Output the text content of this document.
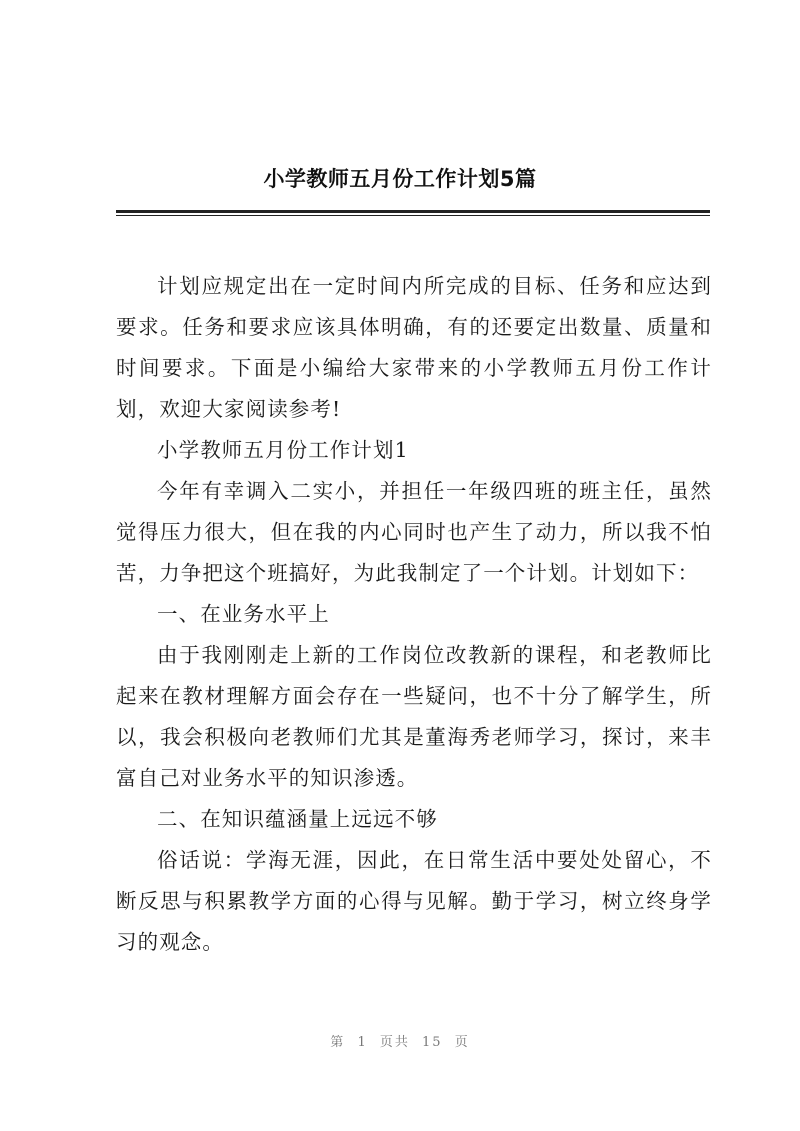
小学教师五月份工作计划5篇

计划应规定出在一定时间内所完成的目标、任务和应达到要求。任务和要求应该具体明确，有的还要定出数量、质量和时间要求。下面是小编给大家带来的小学教师五月份工作计划，欢迎大家阅读参考!

小学教师五月份工作计划1

今年有幸调入二实小，并担任一年级四班的班主任，虽然觉得压力很大，但在我的内心同时也产生了动力，所以我不怕苦，力争把这个班搞好，为此我制定了一个计划。计划如下：

一、在业务水平上

由于我刚刚走上新的工作岗位改教新的课程，和老教师比起来在教材理解方面会存在一些疑问，也不十分了解学生，所以，我会积极向老教师们尤其是董海秀老师学习，探讨，来丰富自己对业务水平的知识渗透。

二、在知识蕴涵量上远远不够

俗话说：学海无涯，因此，在日常生活中要处处留心，不断反思与积累教学方面的心得与见解。勤于学习，树立终身学习的观念。

第 1 页共 15 页
